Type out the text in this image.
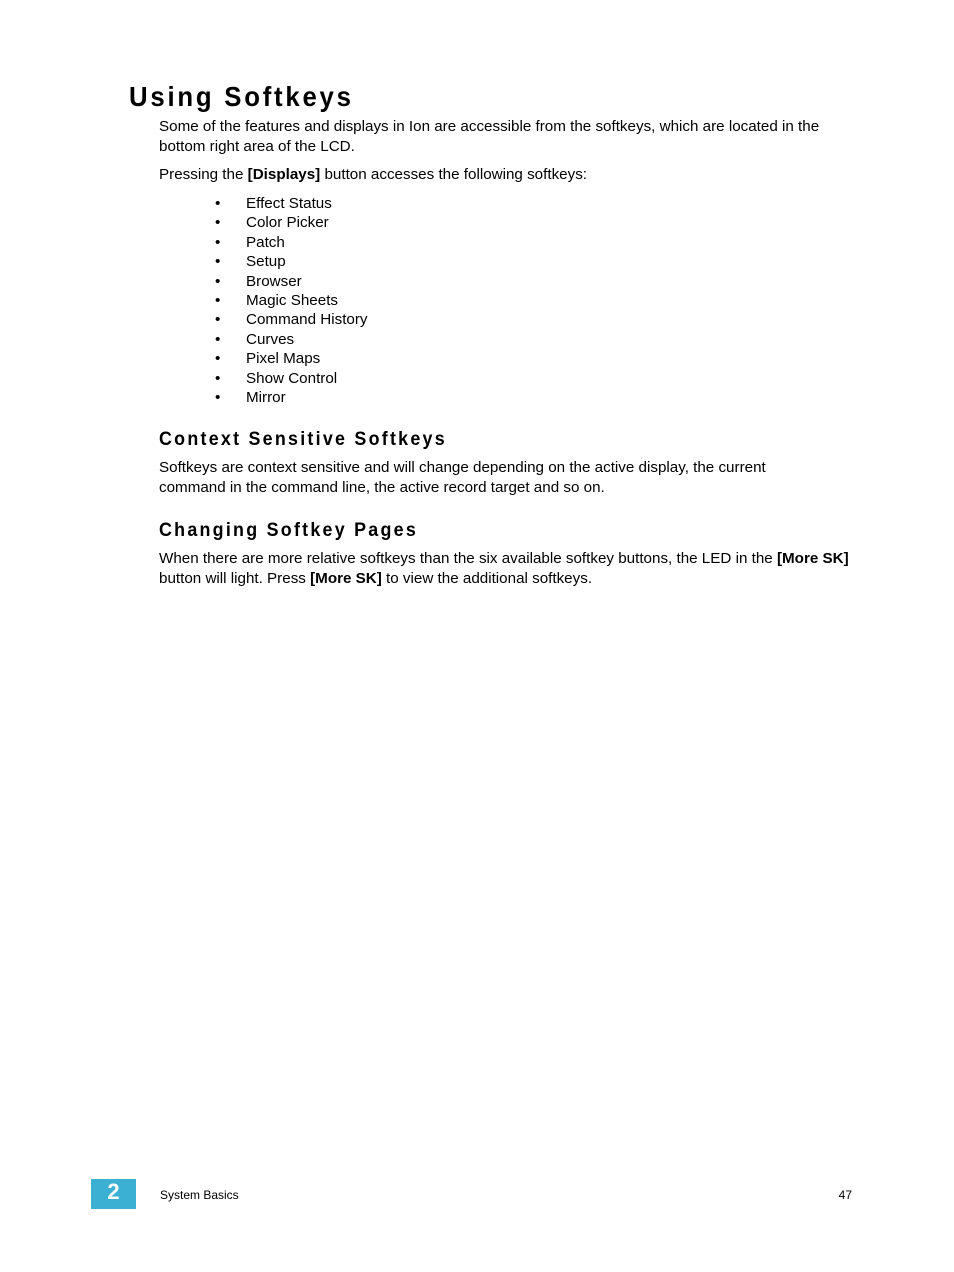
Using Softkeys

Some of the features and displays in Ion are accessible from the softkeys, which are located in the bottom right area of the LCD.

Pressing the [Displays] button accesses the following softkeys:

• Effect Status
• Color Picker
• Patch
• Setup
• Browser
• Magic Sheets
• Command History
• Curves
• Pixel Maps
• Show Control
• Mirror
Context Sensitive Softkeys

Softkeys are context sensitive and will change depending on the active display, the current command in the command line, the active record target and so on.

Changing Softkey Pages

When there are more relative softkeys than the six available softkey buttons, the LED in the [More SK] button will light. Press [More SK] to view the additional softkeys.

2	System Basics	47
